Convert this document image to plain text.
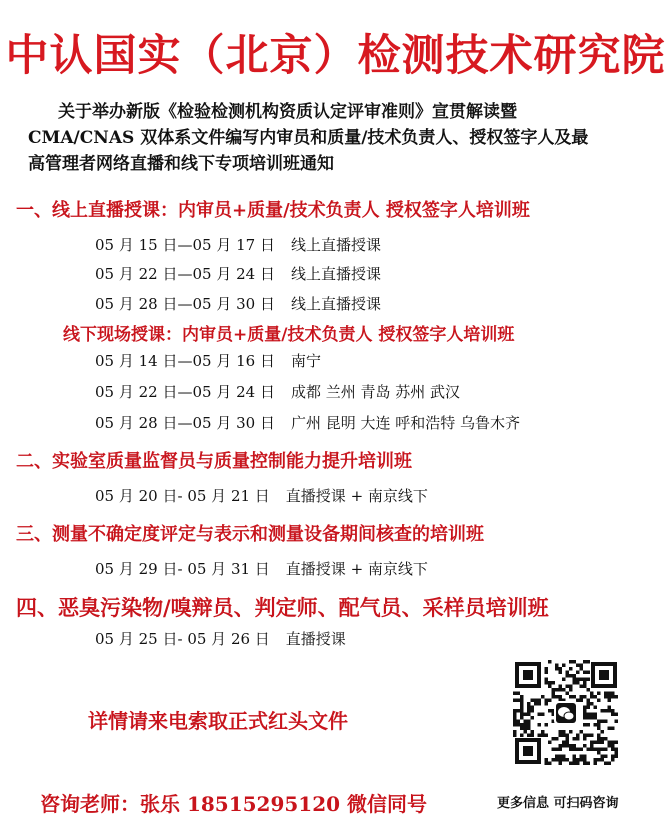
中认国实（北京）检测技术研究院
关于举办新版《检验检测机构资质认定评审准则》宣贯解读暨
CMA/CNAS 双体系文件编写内审员和质量/技术负责人、授权签字人及最
高管理者网络直播和线下专项培训班通知
一、线上直播授课：内审员+质量/技术负责人 授权签字人培训班
05 月 15 日—05 月 17 日 线上直播授课
05 月 22 日—05 月 24 日 线上直播授课
05 月 28 日—05 月 30 日 线上直播授课
线下现场授课：内审员+质量/技术负责人 授权签字人培训班
05 月 14 日—05 月 16 日 南宁
05 月 22 日—05 月 24 日 成都 兰州 青岛 苏州 武汉
05 月 28 日—05 月 30 日 广州 昆明 大连 呼和浩特 乌鲁木齐
二、实验室质量监督员与质量控制能力提升培训班
05 月 20 日- 05 月 21 日 直播授课 + 南京线下
三、测量不确定度评定与表示和测量设备期间核查的培训班
05 月 29 日- 05 月 31 日 直播授课 + 南京线下
四、恶臭污染物/嗅辩员、判定师、配气员、采样员培训班
05 月 25 日- 05 月 26 日 直播授课
详情请来电索取正式红头文件
咨询老师：张乐 18515295120 微信同号	更多信息 可扫码咨询
